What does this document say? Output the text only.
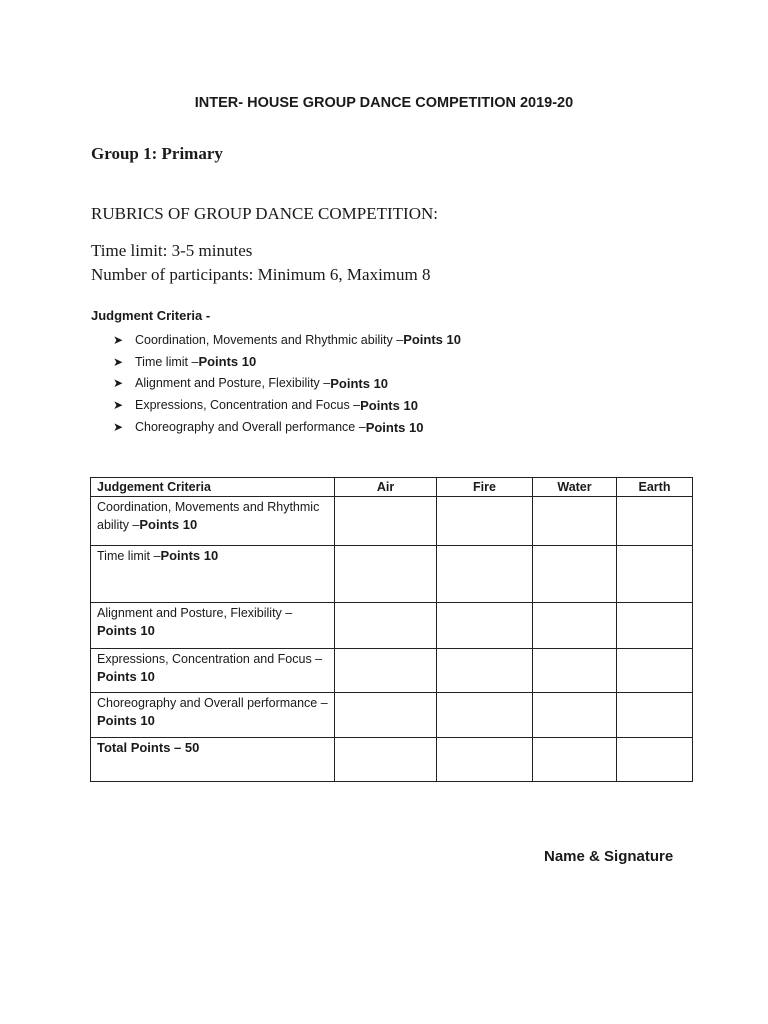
INTER- HOUSE GROUP DANCE COMPETITION 2019-20
Group 1: Primary
RUBRICS OF GROUP DANCE COMPETITION:
Time limit: 3-5 minutes
Number of participants: Minimum 6, Maximum 8
Judgment Criteria -
➤ Coordination, Movements and Rhythmic ability – Points 10
➤ Time limit – Points 10
➤ Alignment and Posture, Flexibility – Points 10
➤ Expressions, Concentration and Focus – Points 10
➤ Choreography and Overall performance – Points 10
Judgement Criteria	Air	Fire	Water	Earth

Coordination, Movements and Rhythmic ability –Points 10				

Time limit –Points 10				

Alignment and Posture, Flexibility – Points 10				

Expressions, Concentration and Focus –Points 10				

Choreography and Overall performance –Points 10				

Total Points – 50				

Name & Signature
